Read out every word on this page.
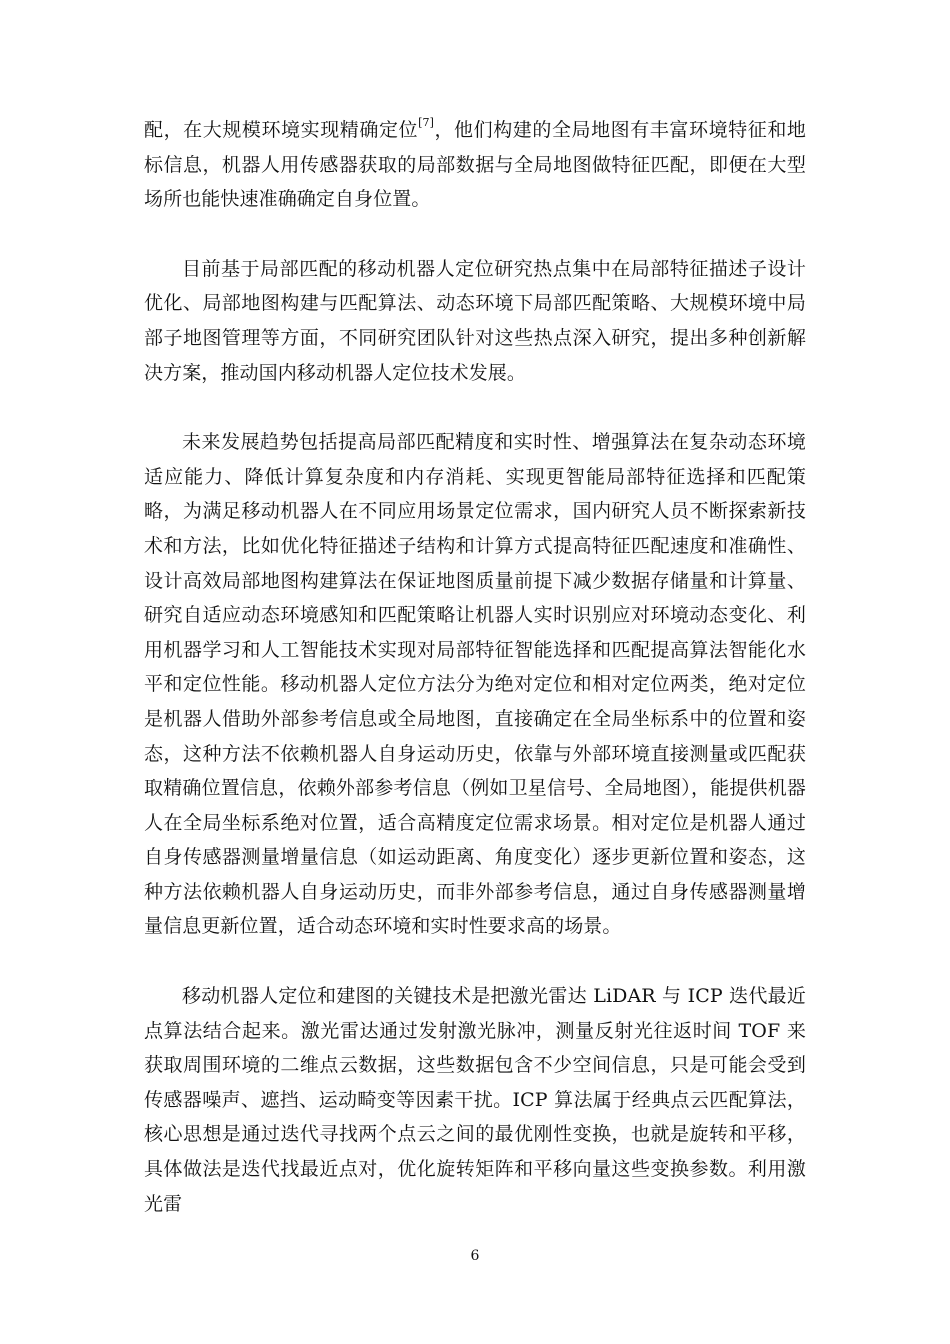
配，在大规模环境实现精确定位[7]，他们构建的全局地图有丰富环境特征和地标信息，机器人用传感器获取的局部数据与全局地图做特征匹配，即便在大型场所也能快速准确确定自身位置。

目前基于局部匹配的移动机器人定位研究热点集中在局部特征描述子设计优化、局部地图构建与匹配算法、动态环境下局部匹配策略、大规模环境中局部子地图管理等方面，不同研究团队针对这些热点深入研究，提出多种创新解决方案，推动国内移动机器人定位技术发展。

未来发展趋势包括提高局部匹配精度和实时性、增强算法在复杂动态环境适应能力、降低计算复杂度和内存消耗、实现更智能局部特征选择和匹配策略，为满足移动机器人在不同应用场景定位需求，国内研究人员不断探索新技术和方法，比如优化特征描述子结构和计算方式提高特征匹配速度和准确性、设计高效局部地图构建算法在保证地图质量前提下减少数据存储量和计算量、研究自适应动态环境感知和匹配策略让机器人实时识别应对环境动态变化、利用机器学习和人工智能技术实现对局部特征智能选择和匹配提高算法智能化水平和定位性能。移动机器人定位方法分为绝对定位和相对定位两类，绝对定位是机器人借助外部参考信息或全局地图，直接确定在全局坐标系中的位置和姿态，这种方法不依赖机器人自身运动历史，依靠与外部环境直接测量或匹配获取精确位置信息，依赖外部参考信息（例如卫星信号、全局地图），能提供机器人在全局坐标系绝对位置，适合高精度定位需求场景。相对定位是机器人通过自身传感器测量增量信息（如运动距离、角度变化）逐步更新位置和姿态，这种方法依赖机器人自身运动历史，而非外部参考信息，通过自身传感器测量增量信息更新位置，适合动态环境和实时性要求高的场景。

移动机器人定位和建图的关键技术是把激光雷达 LiDAR 与 ICP 迭代最近点算法结合起来。激光雷达通过发射激光脉冲，测量反射光往返时间 TOF 来获取周围环境的二维点云数据，这些数据包含不少空间信息，只是可能会受到传感器噪声、遮挡、运动畸变等因素干扰。ICP 算法属于经典点云匹配算法，核心思想是通过迭代寻找两个点云之间的最优刚性变换，也就是旋转和平移，具体做法是迭代找最近点对，优化旋转矩阵和平移向量这些变换参数。利用激光雷

6
